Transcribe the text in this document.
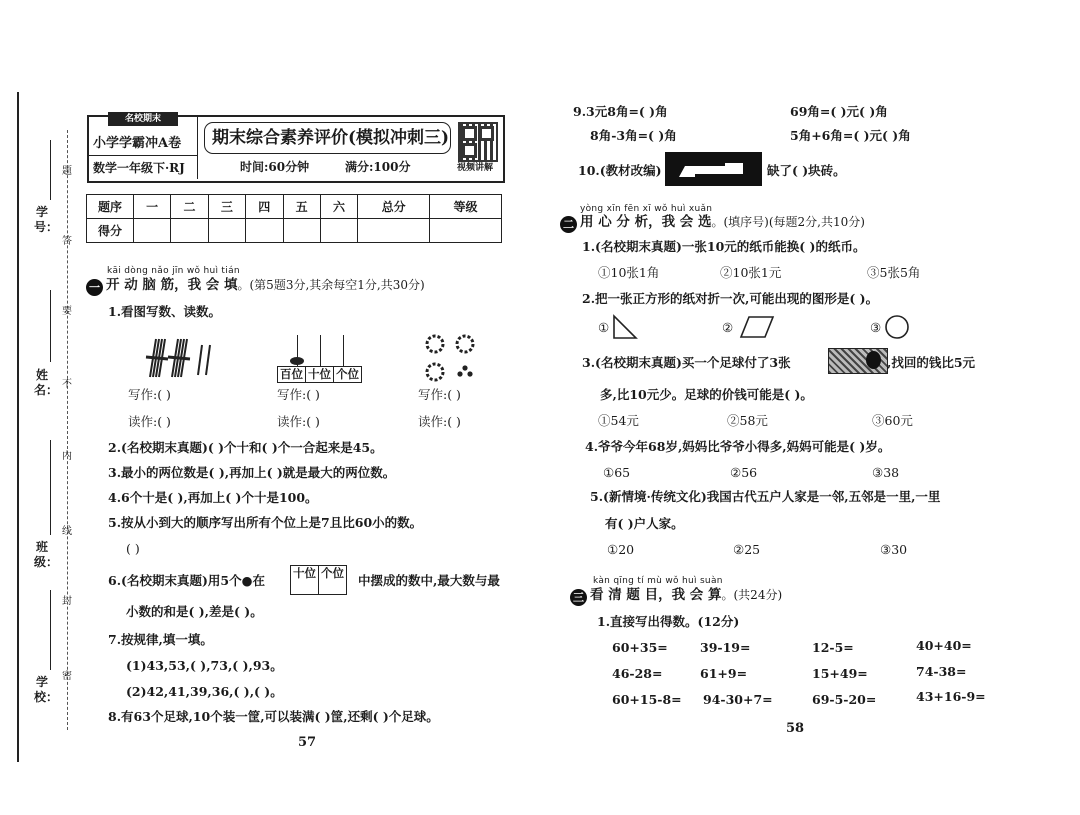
学号：
姓名：
班级：
学校：
题
答
要
不
内
线
封
密
名校期末
小学学霸冲A卷
数学一年级下·RJ
期末综合素养评价(模拟冲刺三)
时间:60分钟	满分:100分	视频讲解
题序	一	二	三	四	五	六	总分	等级
得分								
kāi dòng nǎo jīn wǒ huì tián
一 开 动 脑 筋，我 会 填。(第5题3分,其余每空1分,共30分)
1.看图写数、读数。
百位 十位 个位
写作:( )	写作:( )	写作:( )
读作:( )	读作:( )	读作:( )
2.(名校期末真题)( )个十和( )个一合起来是45。
3.最小的两位数是( ),再加上( )就是最大的两位数。
4.6个十是( ),再加上( )个十是100。
5.按从小到大的顺序写出所有个位上是7且比60小的数。
( )
6.(名校期末真题)用5个●在 十位 个位 中摆成的数中,最大数与最
小数的和是( ),差是( )。
7.按规律,填一填。
(1)43,53,( ),73,( ),93。
(2)42,41,39,36,( ),( )。
8.有63个足球,10个装一筐,可以装满( )筐,还剩( )个足球。
57
9.3元8角=( )角	69角=( )元( )角
8角-3角=( )角	5角+6角=( )元( )角
10.(教材改编)	缺了( )块砖。
yòng xīn fēn xī wǒ huì xuǎn
二 用 心 分 析，我 会 选。(填序号)(每题2分,共10分)
1.(名校期末真题)一张10元的纸币能换( )的纸币。
①10张1角	②10张1元	③5张5角
2.把一张正方形的纸对折一次,可能出现的图形是( )。
①	②	③
3.(名校期末真题)买一个足球付了3张	,找回的钱比5元
多,比10元少。足球的价钱可能是( )。
①54元	②58元	③60元
4.爷爷今年68岁,妈妈比爷爷小得多,妈妈可能是( )岁。
①65	②56	③38
5.(新情境·传统文化)我国古代五户人家是一邻,五邻是一里,一里
有( )户人家。
①20	②25	③30
kàn qīng tí mù wǒ huì suàn
三 看 清 题 目，我 会 算。(共24分)
1.直接写出得数。(12分)
60+35=	39-19=	12-5=	40+40=
46-28=	61+9=	15+49=	74-38=
60+15-8= 94-30+7=	69-5-20=	43+16-9=
58
